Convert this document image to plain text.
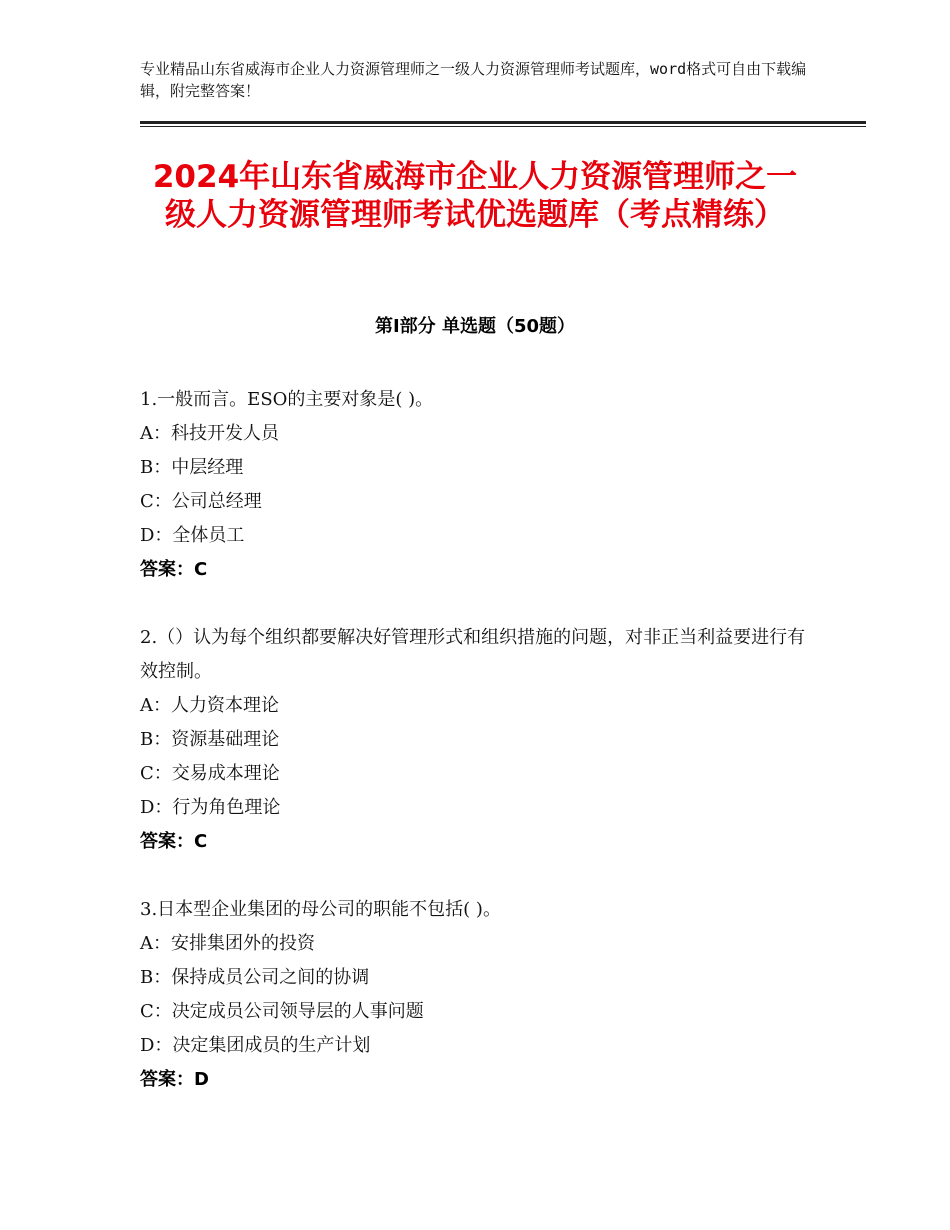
专业精品山东省威海市企业人力资源管理师之一级人力资源管理师考试题库，word格式可自由下载编辑，附完整答案！
2024年山东省威海市企业人力资源管理师之一级人力资源管理师考试优选题库（考点精练）
第Ⅰ部分 单选题（50题）
1.一般而言。ESO的主要对象是( )。
A：科技开发人员
B：中层经理
C：公司总经理
D：全体员工
答案：C
2.（）认为每个组织都要解决好管理形式和组织措施的问题，对非正当利益要进行有效控制。
A：人力资本理论
B：资源基础理论
C：交易成本理论
D：行为角色理论
答案：C
3.日本型企业集团的母公司的职能不包括( )。
A：安排集团外的投资
B：保持成员公司之间的协调
C：决定成员公司领导层的人事问题
D：决定集团成员的生产计划
答案：D
